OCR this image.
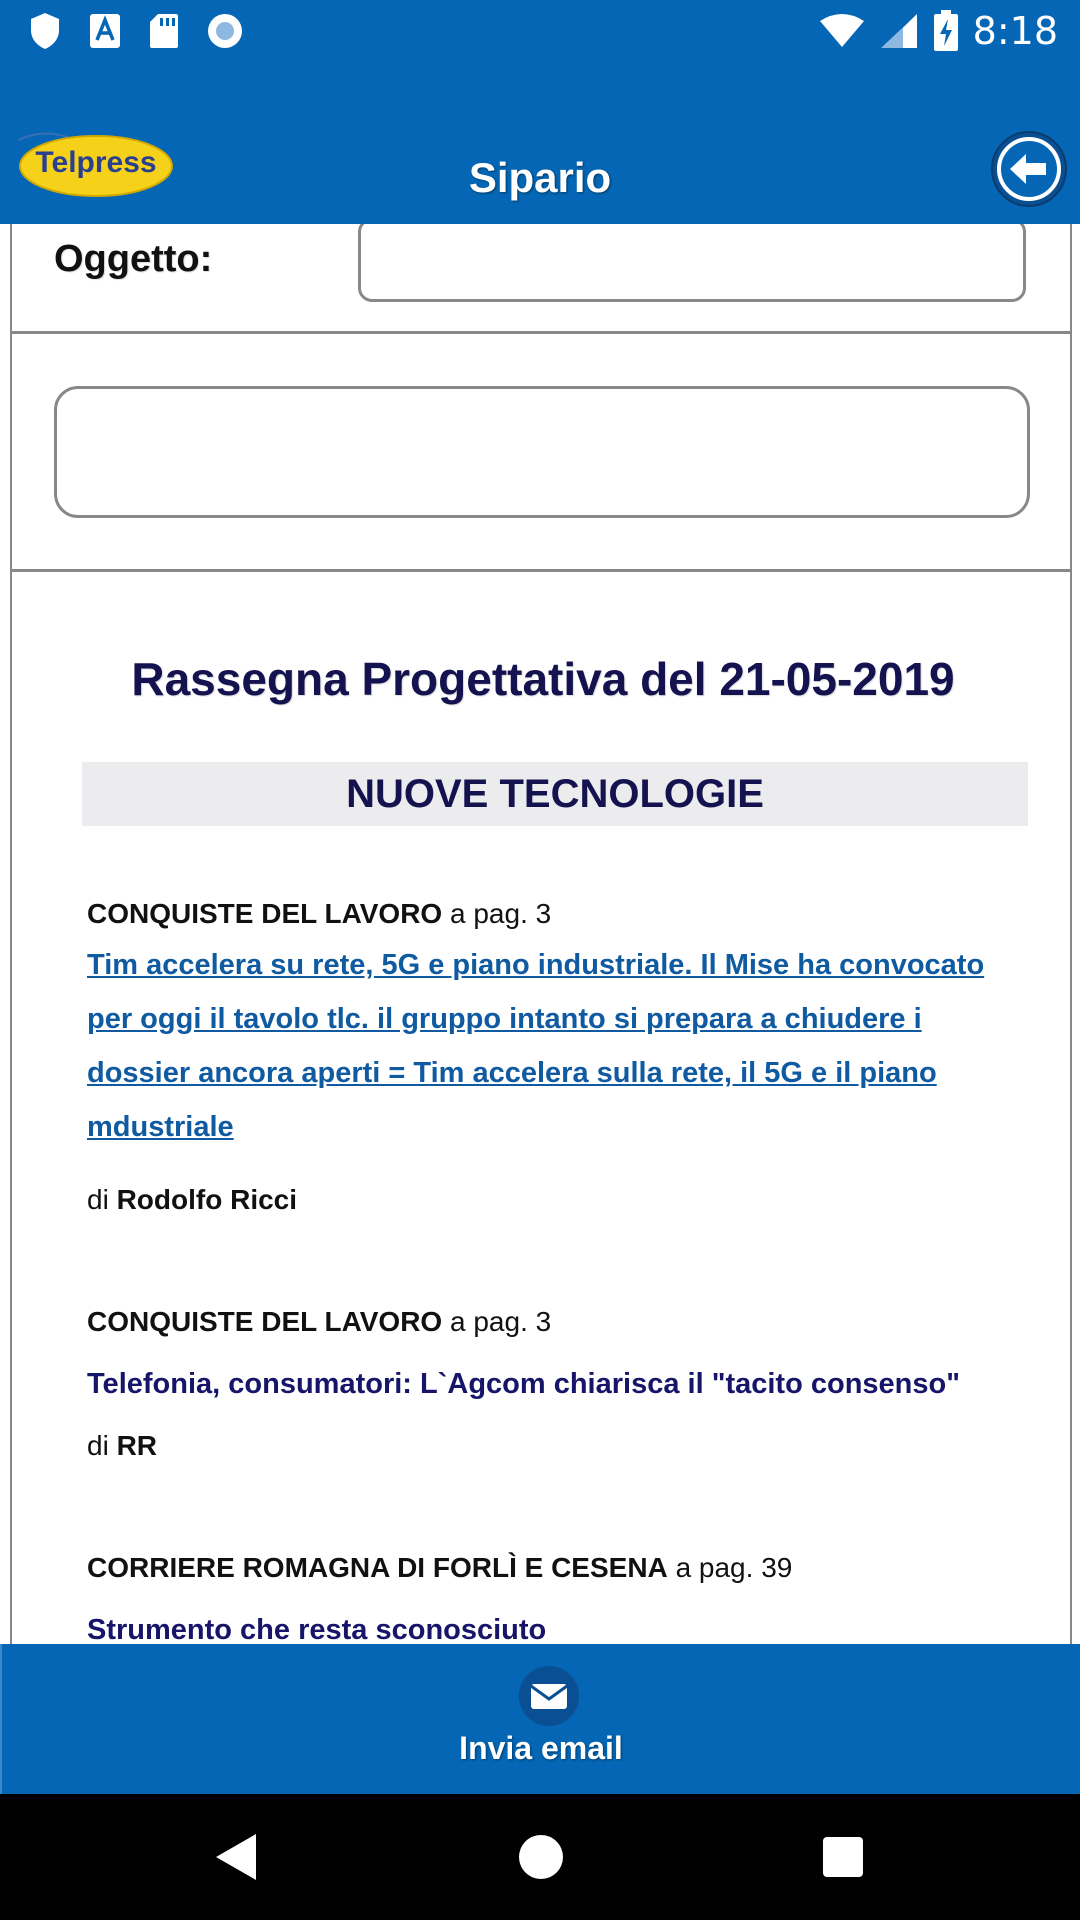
8:18
Telpress	Sipario
Oggetto:
Rassegna Progettativa del 21-05-2019
NUOVE TECNOLOGIE
CONQUISTE DEL LAVORO a pag. 3
Tim accelera su rete, 5G e piano industriale. Il Mise ha convocato
per oggi il tavolo tlc. il gruppo intanto si prepara a chiudere i
dossier ancora aperti = Tim accelera sulla rete, il 5G e il piano
mdustriale
di Rodolfo Ricci
CONQUISTE DEL LAVORO a pag. 3
Telefonia, consumatori: L`Agcom chiarisca il "tacito consenso"
di RR
CORRIERE ROMAGNA DI FORLÌ E CESENA a pag. 39
Strumento che resta sconosciuto
Invia email
